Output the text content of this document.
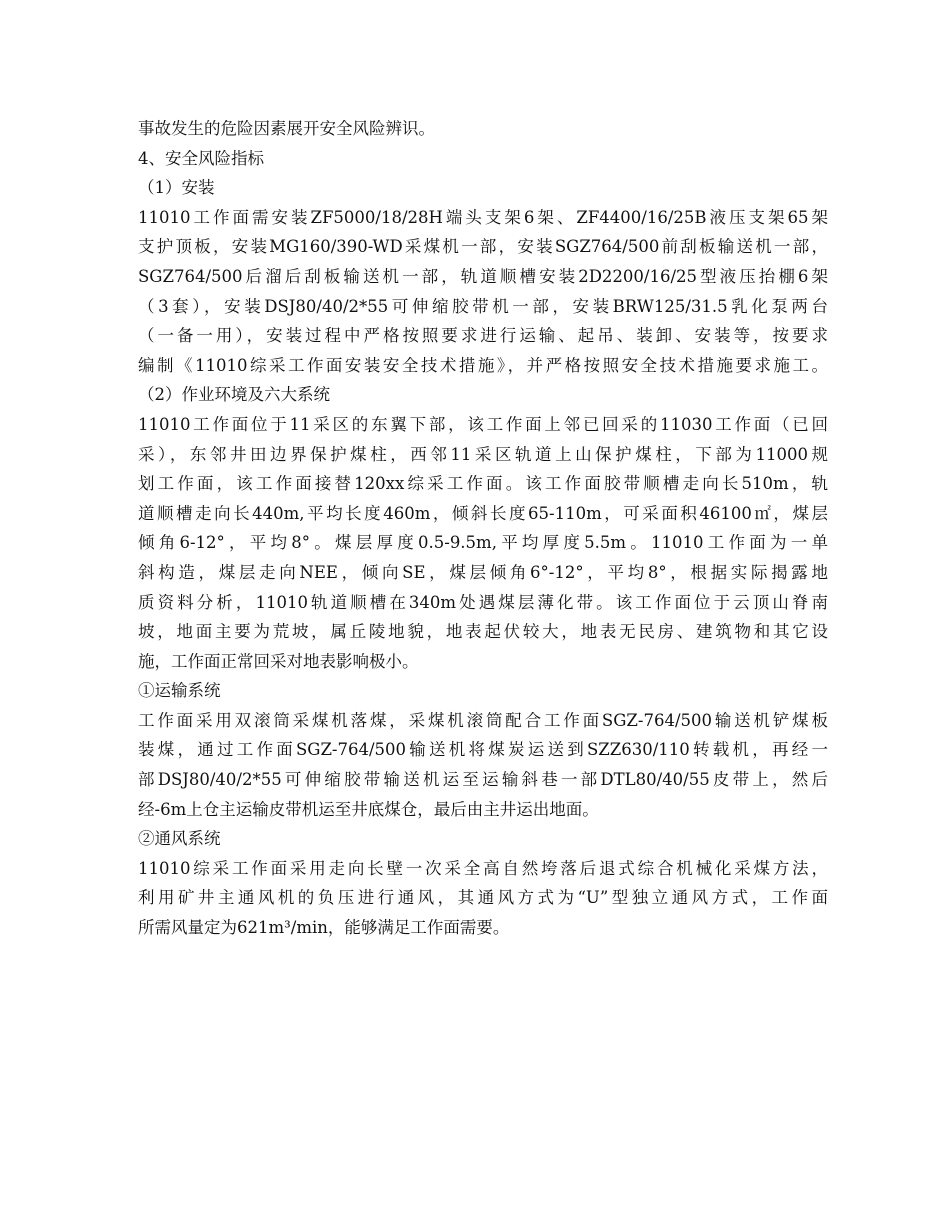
事故发生的危险因素展开安全风险辨识。
4、安全风险指标
（1）安装
11010工作面需安装ZF5000/18/28H端头支架6架、ZF4400/16/25B液压支架65架
支护顶板，安装MG160/390-WD采煤机一部，安装SGZ764/500前刮板输送机一部，
SGZ764/500后溜后刮板输送机一部，轨道顺槽安装2D2200/16/25型液压抬棚6架
（3套），安装DSJ80/40/2*55可伸缩胶带机一部，安装BRW125/31.5乳化泵两台
（一备一用），安装过程中严格按照要求进行运输、起吊、装卸、安装等，按要求
编制《11010综采工作面安装安全技术措施》，并严格按照安全技术措施要求施工。
（2）作业环境及六大系统
11010工作面位于11采区的东翼下部，该工作面上邻已回采的11030工作面（已回
采），东邻井田边界保护煤柱，西邻11采区轨道上山保护煤柱，下部为11000规
划工作面，该工作面接替120xx综采工作面。该工作面胶带顺槽走向长510m，轨
道顺槽走向长440m,平均长度460m，倾斜长度65-110m，可采面积46100㎡，煤层
倾角6-12°，平均8°。煤层厚度0.5-9.5m,平均厚度5.5m。11010工作面为一单
斜构造，煤层走向NEE，倾向SE，煤层倾角6°-12°，平均8°，根据实际揭露地
质资料分析，11010轨道顺槽在340m处遇煤层薄化带。该工作面位于云顶山脊南
坡，地面主要为荒坡，属丘陵地貌，地表起伏较大，地表无民房、建筑物和其它设
施，工作面正常回采对地表影响极小。
①运输系统
工作面采用双滚筒采煤机落煤，采煤机滚筒配合工作面SGZ-764/500输送机铲煤板
装煤，通过工作面SGZ-764/500输送机将煤炭运送到SZZ630/110转载机，再经一
部DSJ80/40/2*55可伸缩胶带输送机运至运输斜巷一部DTL80/40/55皮带上，然后
经-6m上仓主运输皮带机运至井底煤仓，最后由主井运出地面。
②通风系统
11010综采工作面采用走向长壁一次采全高自然垮落后退式综合机械化采煤方法，
利用矿井主通风机的负压进行通风，其通风方式为“U”型独立通风方式，工作面
所需风量定为621m³/min，能够满足工作面需要。
